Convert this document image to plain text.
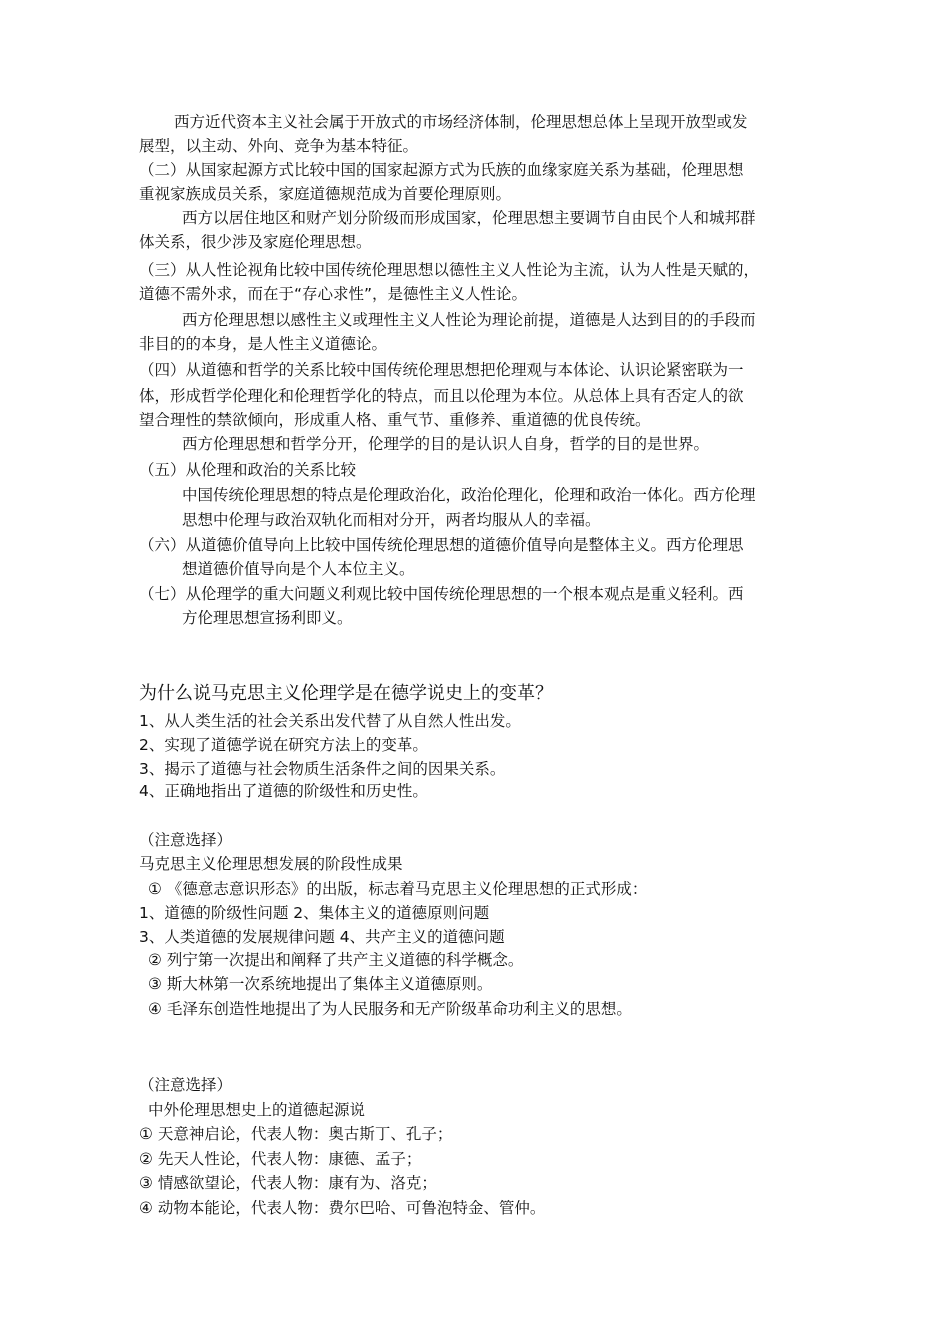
西方近代资本主义社会属于开放式的市场经济体制，伦理思想总体上呈现开放型或发
展型，以主动、外向、竞争为基本特征。
（二）从国家起源方式比较中国的国家起源方式为氏族的血缘家庭关系为基础，伦理思想
重视家族成员关系，家庭道德规范成为首要伦理原则。
西方以居住地区和财产划分阶级而形成国家，伦理思想主要调节自由民个人和城邦群
体关系，很少涉及家庭伦理思想。
（三）从人性论视角比较中国传统伦理思想以德性主义人性论为主流，认为人性是天赋的，
道德不需外求，而在于“存心求性”，是德性主义人性论。
西方伦理思想以感性主义或理性主义人性论为理论前提，道德是人达到目的的手段而
非目的的本身，是人性主义道德论。
（四）从道德和哲学的关系比较中国传统伦理思想把伦理观与本体论、认识论紧密联为一
体，形成哲学伦理化和伦理哲学化的特点，而且以伦理为本位。从总体上具有否定人的欲
望合理性的禁欲倾向，形成重人格、重气节、重修养、重道德的优良传统。
西方伦理思想和哲学分开，伦理学的目的是认识人自身，哲学的目的是世界。
（五）从伦理和政治的关系比较
中国传统伦理思想的特点是伦理政治化，政治伦理化，伦理和政治一体化。西方伦理
思想中伦理与政治双轨化而相对分开，两者均服从人的幸福。
（六）从道德价值导向上比较中国传统伦理思想的道德价值导向是整体主义。西方伦理思
想道德价值导向是个人本位主义。
（七）从伦理学的重大问题义利观比较中国传统伦理思想的一个根本观点是重义轻利。西
方伦理思想宣扬利即义。
为什么说马克思主义伦理学是在德学说史上的变革？
1、从人类生活的社会关系出发代替了从自然人性出发。
2、实现了道德学说在研究方法上的变革。
3、揭示了道德与社会物质生活条件之间的因果关系。
4、正确地指出了道德的阶级性和历史性。
（注意选择）
马克思主义伦理思想发展的阶段性成果
① 《德意志意识形态》的出版，标志着马克思主义伦理思想的正式形成：
1、道德的阶级性问题 2、集体主义的道德原则问题
3、人类道德的发展规律问题 4、共产主义的道德问题
② 列宁第一次提出和阐释了共产主义道德的科学概念。
③ 斯大林第一次系统地提出了集体主义道德原则。
④ 毛泽东创造性地提出了为人民服务和无产阶级革命功利主义的思想。
（注意选择）
中外伦理思想史上的道德起源说
① 天意神启论，代表人物：奥古斯丁、孔子；
② 先天人性论，代表人物：康德、孟子；
③ 情感欲望论，代表人物：康有为、洛克；
④ 动物本能论，代表人物：费尔巴哈、可鲁泡特金、管仲。
